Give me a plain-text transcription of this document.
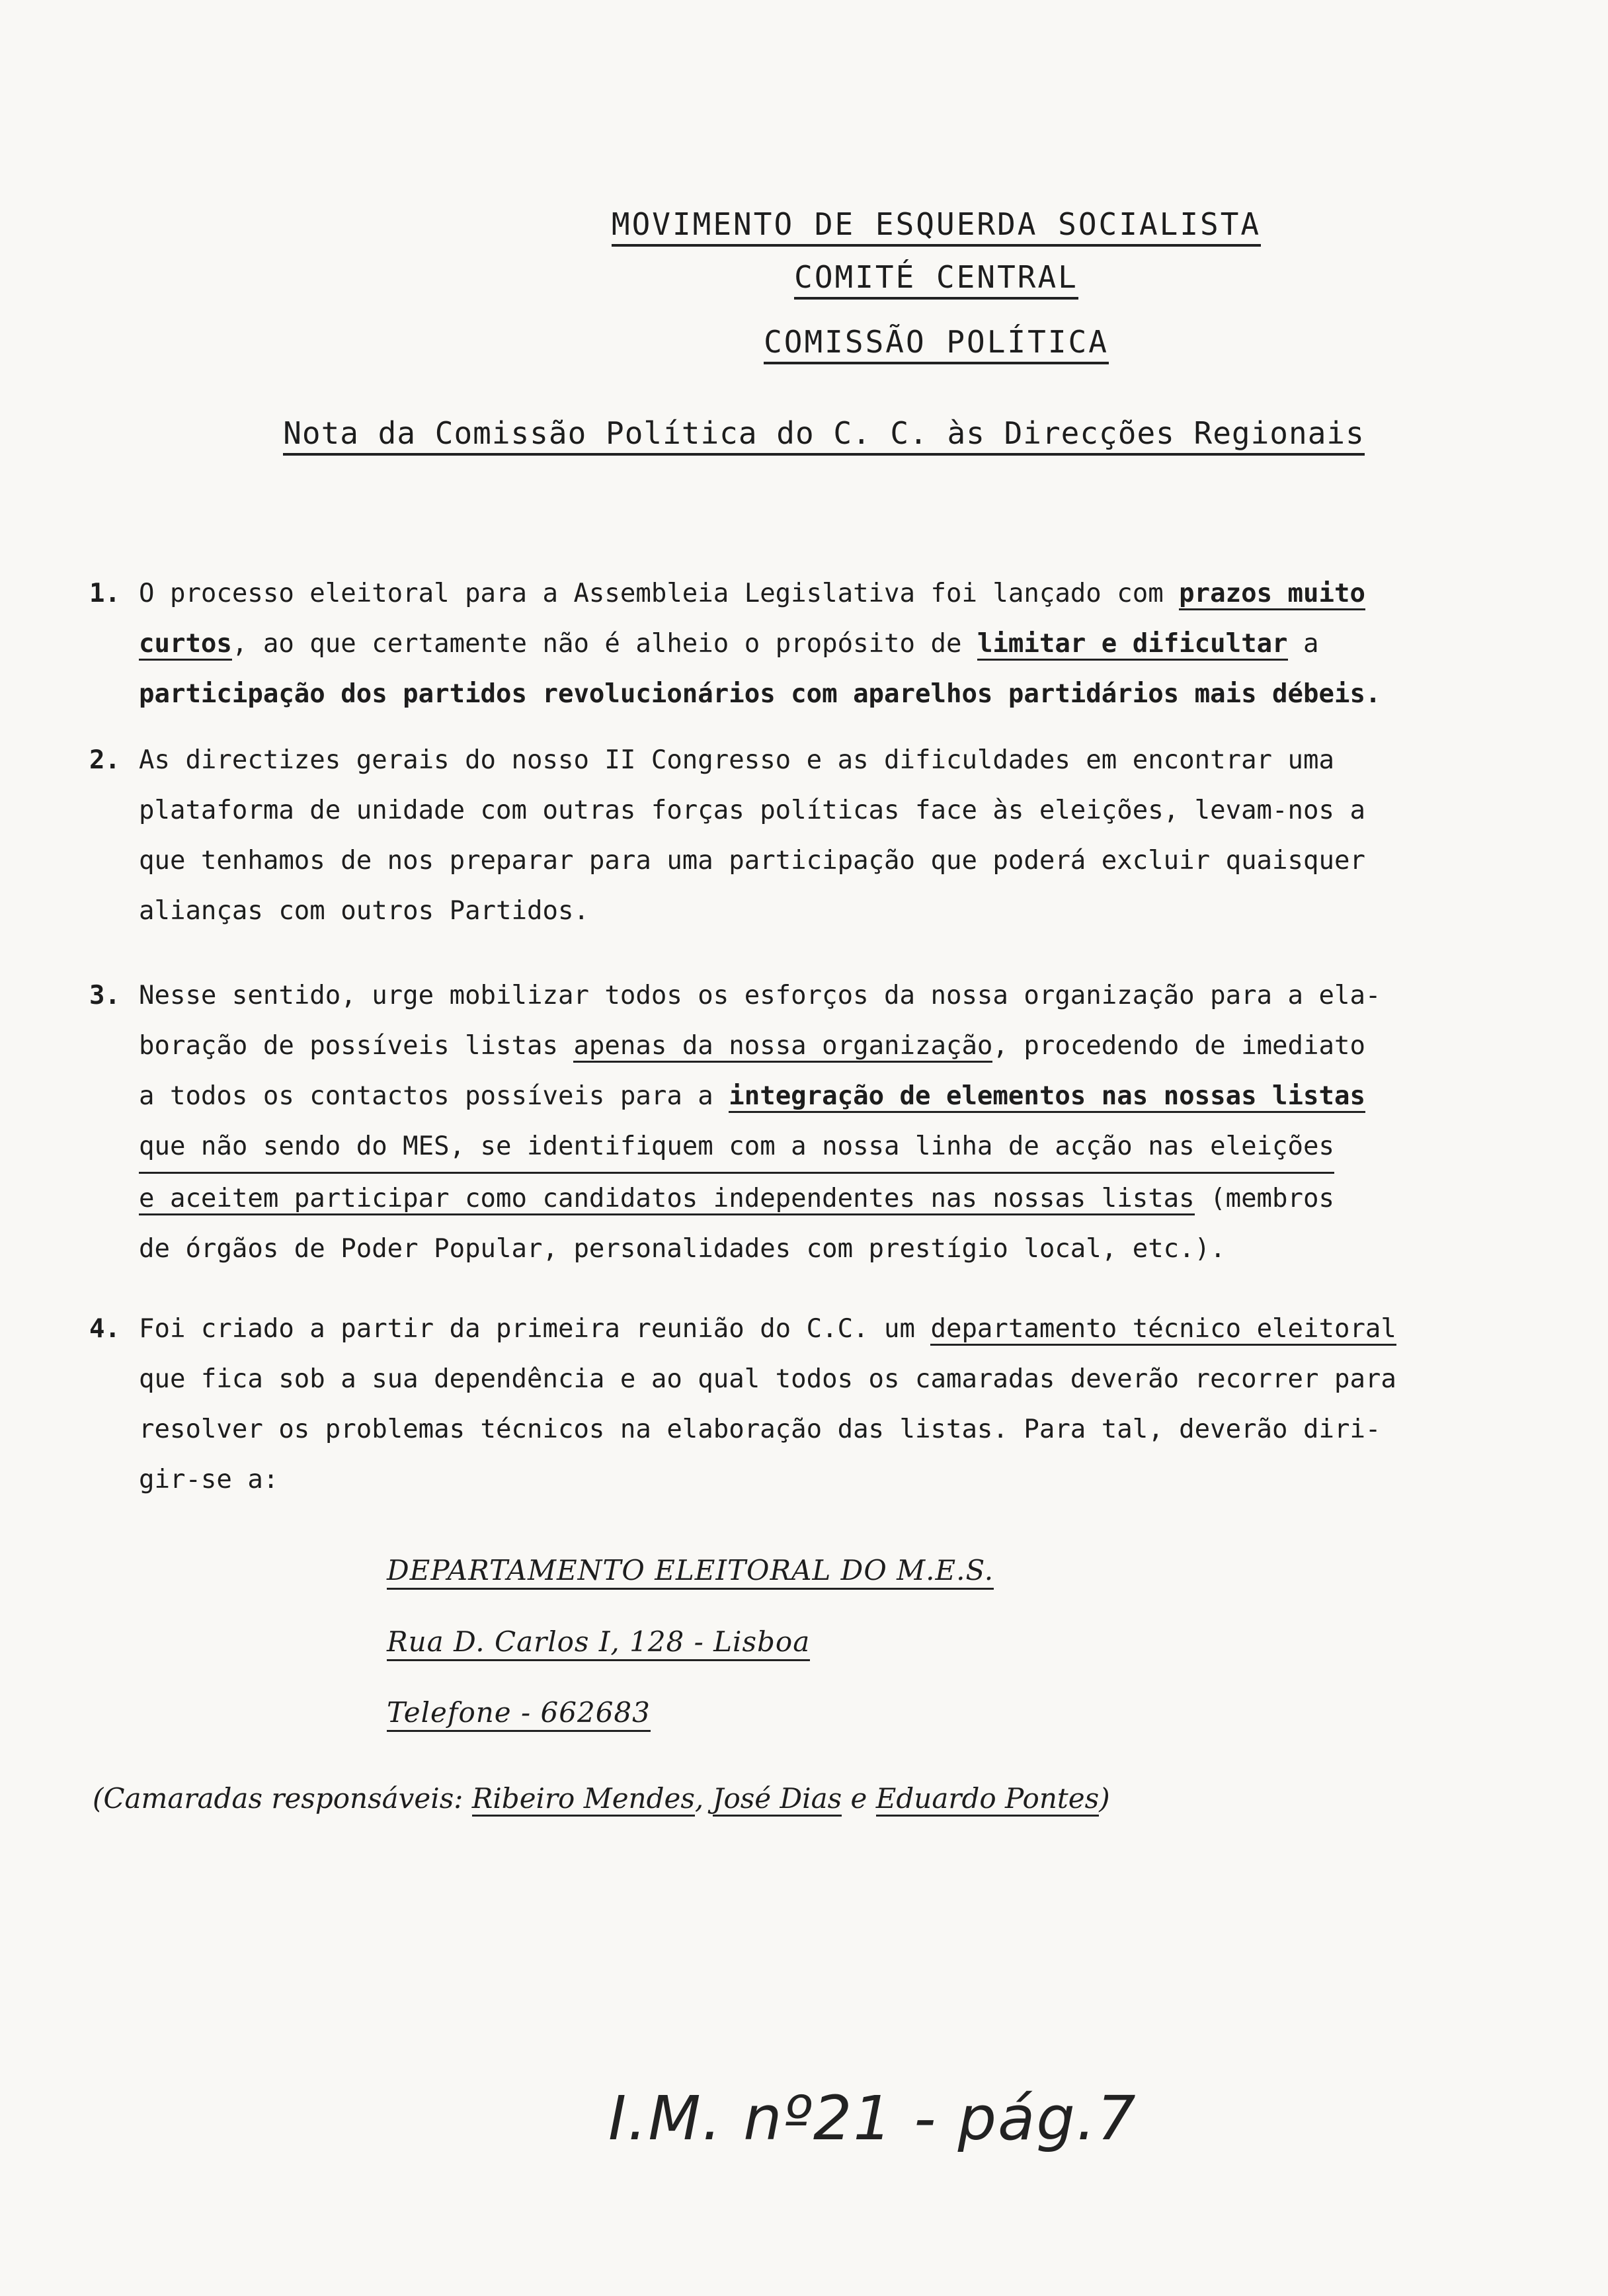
MOVIMENTO DE ESQUERDA SOCIALISTA
COMITÉ CENTRAL
COMISSÃO POLÍTICA
Nota da Comissão Política do C. C. às Direcções Regionais
1. O processo eleitoral para a Assembleia Legislativa foi lançado com prazos muito
curtos, ao que certamente não é alheio o propósito de limitar e dificultar a
participação dos partidos revolucionários com aparelhos partidários mais débeis.
2. As directizes gerais do nosso II Congresso e as dificuldades em encontrar uma
plataforma de unidade com outras forças políticas face às eleições, levam-nos a
que tenhamos de nos preparar para uma participação que poderá excluir quaisquer
alianças com outros Partidos.
3. Nesse sentido, urge mobilizar todos os esforços da nossa organização para a ela-
boração de possíveis listas apenas da nossa organização, procedendo de imediato
a todos os contactos possíveis para a integração de elementos nas nossas listas
que não sendo do MES, se identifiquem com a nossa linha de acção nas eleições
e aceitem participar como candidatos independentes nas nossas listas (membros
de órgãos de Poder Popular, personalidades com prestígio local, etc.).
4. Foi criado a partir da primeira reunião do C.C. um departamento técnico eleitoral
que fica sob a sua dependência e ao qual todos os camaradas deverão recorrer para
resolver os problemas técnicos na elaboração das listas. Para tal, deverão diri-
gir-se a:
DEPARTAMENTO ELEITORAL DO M.E.S.
Rua D. Carlos I, 128 - Lisboa
Telefone - 662683
(Camaradas responsáveis: Ribeiro Mendes, José Dias e Eduardo Pontes)
I.M. nº21 - pág.7
